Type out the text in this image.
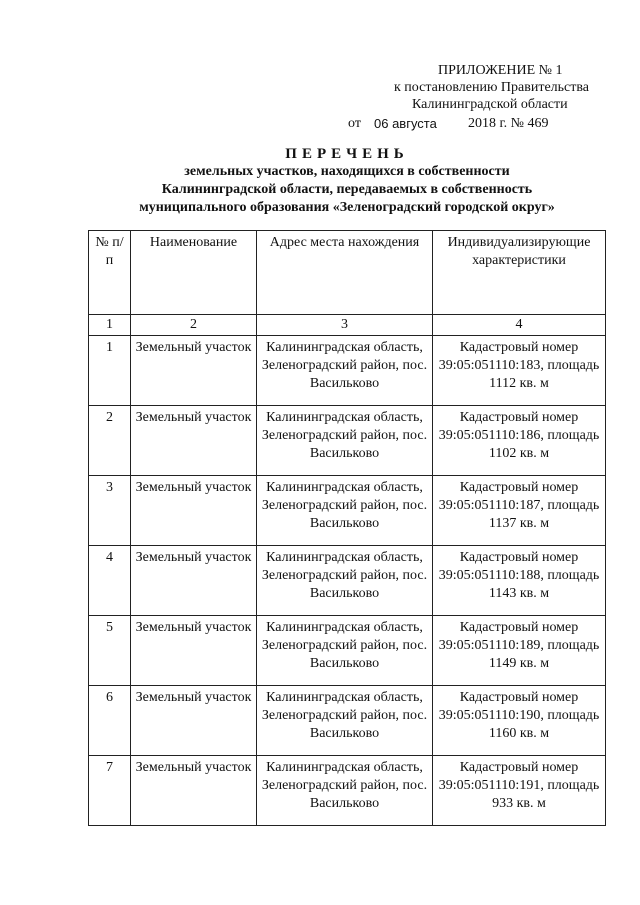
ПРИЛОЖЕНИЕ № 1
к постановлению Правительства
Калининградской области
от 06 августа 2018 г. № 469
ПЕРЕЧЕНЬ
земельных участков, находящихся в собственности
Калининградской области, передаваемых в собственность
муниципального образования «Зеленоградский городской округ»
№ п/п	Наименование	Адрес места нахождения	Индивидуализирующие характеристики
1	2	3	4
1	Земельный участок	Калининградская область, Зеленоградский район, пос. Васильково	Кадастровый номер 39:05:051110:183, площадь 1112 кв. м
2	Земельный участок	Калининградская область, Зеленоградский район, пос. Васильково	Кадастровый номер 39:05:051110:186, площадь 1102 кв. м
3	Земельный участок	Калининградская область, Зеленоградский район, пос. Васильково	Кадастровый номер 39:05:051110:187, площадь 1137 кв. м
4	Земельный участок	Калининградская область, Зеленоградский район, пос. Васильково	Кадастровый номер 39:05:051110:188, площадь 1143 кв. м
5	Земельный участок	Калининградская область, Зеленоградский район, пос. Васильково	Кадастровый номер 39:05:051110:189, площадь 1149 кв. м
6	Земельный участок	Калининградская область, Зеленоградский район, пос. Васильково	Кадастровый номер 39:05:051110:190, площадь 1160 кв. м
7	Земельный участок	Калининградская область, Зеленоградский район, пос. Васильково	Кадастровый номер 39:05:051110:191, площадь 933 кв. м
